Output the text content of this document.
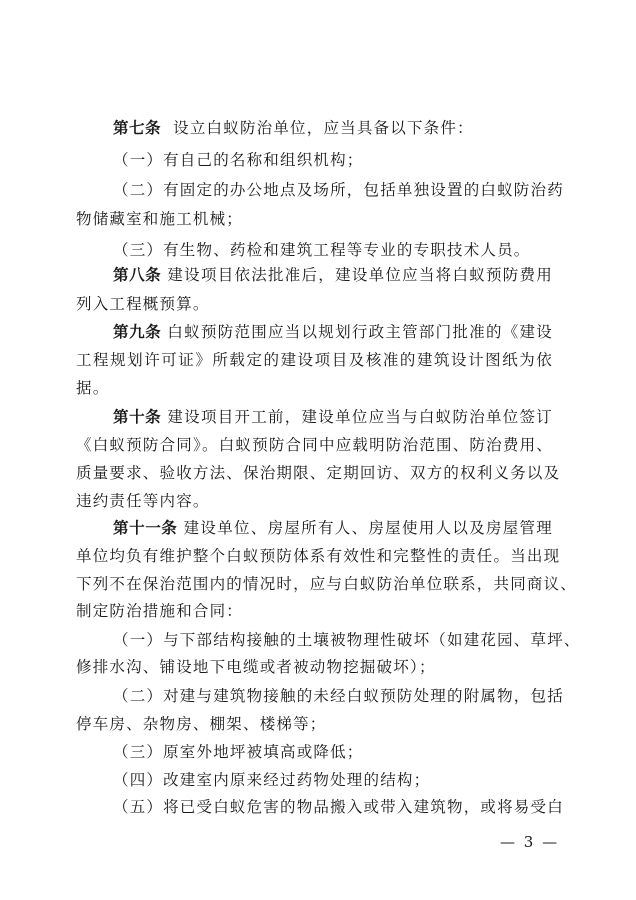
第七条 设立白蚁防治单位，应当具备以下条件：
（一）有自己的名称和组织机构；
（二）有固定的办公地点及场所，包括单独设置的白蚁防治药
物储藏室和施工机械；
（三）有生物、药检和建筑工程等专业的专职技术人员。
第八条 建设项目依法批准后，建设单位应当将白蚁预防费用
列入工程概预算。
第九条 白蚁预防范围应当以规划行政主管部门批准的《建设
工程规划许可证》所载定的建设项目及核准的建筑设计图纸为依
据。
第十条 建设项目开工前，建设单位应当与白蚁防治单位签订
《白蚁预防合同》。白蚁预防合同中应载明防治范围、防治费用、
质量要求、验收方法、保治期限、定期回访、双方的权利义务以及
违约责任等内容。
第十一条 建设单位、房屋所有人、房屋使用人以及房屋管理
单位均负有维护整个白蚁预防体系有效性和完整性的责任。当出现
下列不在保治范围内的情况时，应与白蚁防治单位联系，共同商议、
制定防治措施和合同：
（一）与下部结构接触的土壤被物理性破坏（如建花园、草坪、
修排水沟、铺设地下电缆或者被动物挖掘破坏）；
（二）对建与建筑物接触的未经白蚁预防处理的附属物，包括
停车房、杂物房、棚架、楼梯等；
（三）原室外地坪被填高或降低；
（四）改建室内原来经过药物处理的结构；
（五）将已受白蚁危害的物品搬入或带入建筑物，或将易受白
— 3 —
